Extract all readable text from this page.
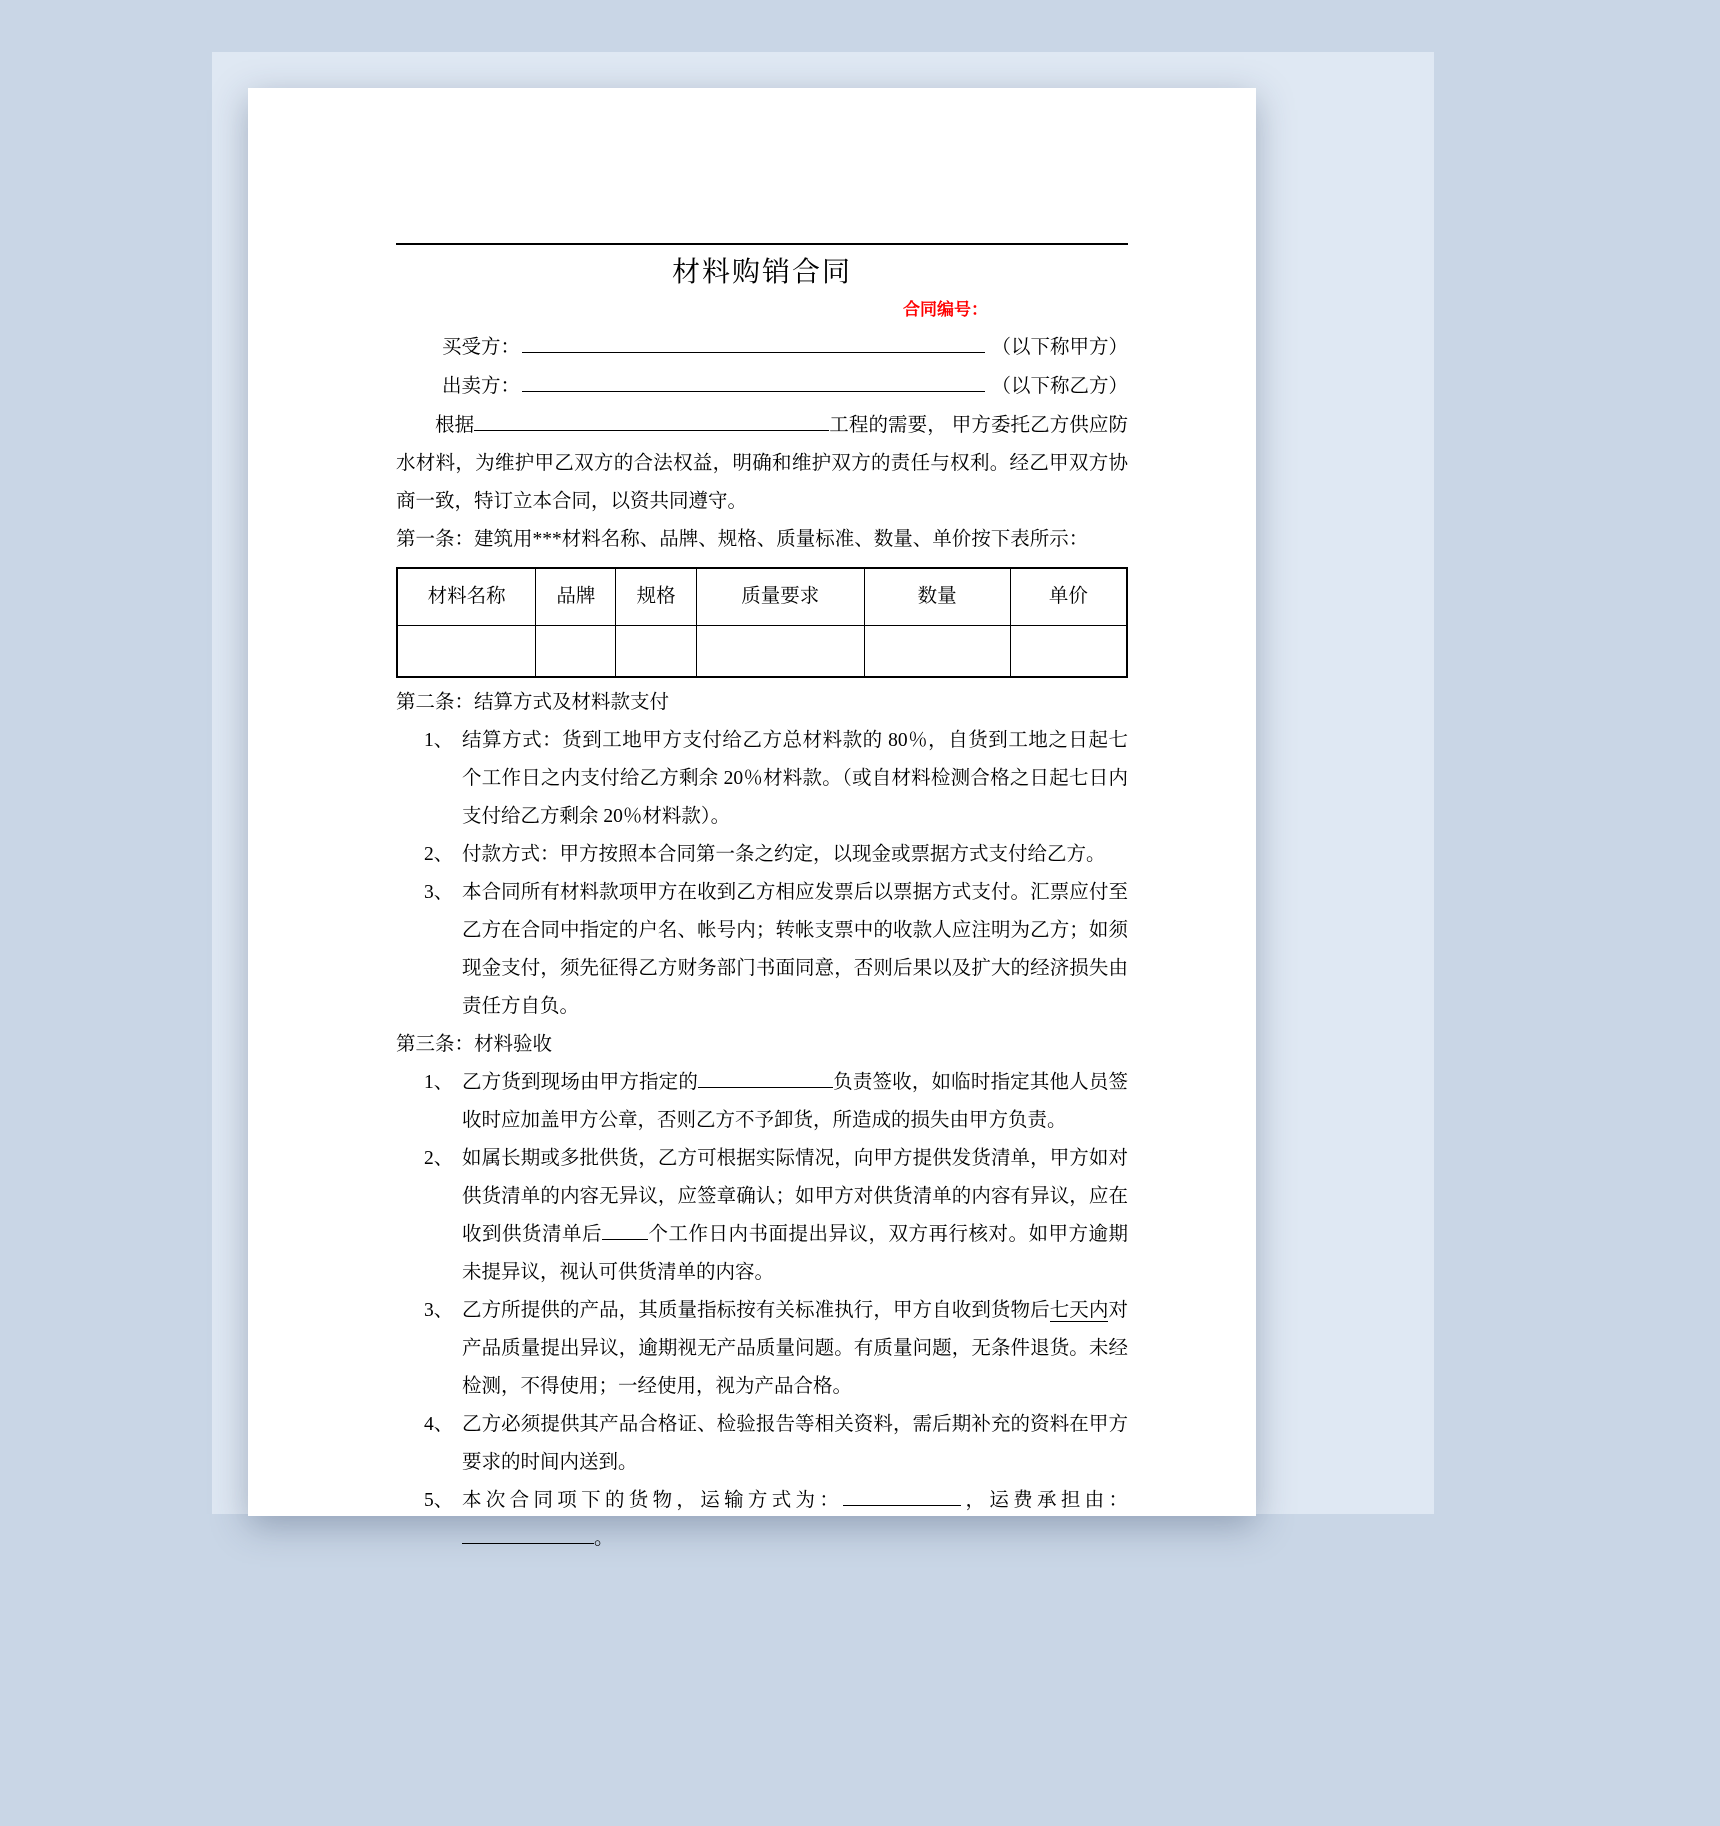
材料购销合同
合同编号：
买受方：	（以下称甲方）
出卖方：	（以下称乙方）

根据	工程的需要， 甲方委托乙方供应防水材料，为维护甲乙双方的合法权益，明确和维护双方的责任与权利。经乙甲双方协商一致，特订立本合同，以资共同遵守。

第一条：建筑用***材料名称、品牌、规格、质量标准、数量、单价按下表所示：

材料名称	品牌	规格	质量要求	数量	单价

第二条：结算方式及材料款支付

1、 结算方式：货到工地甲方支付给乙方总材料款的 80％，自货到工地之日起七个工作日之内支付给乙方剩余 20％材料款。（或自材料检测合格之日起七日内支付给乙方剩余 20％材料款）。
2、 付款方式：甲方按照本合同第一条之约定，以现金或票据方式支付给乙方。
3、 本合同所有材料款项甲方在收到乙方相应发票后以票据方式支付。汇票应付至乙方在合同中指定的户名、帐号内；转帐支票中的收款人应注明为乙方；如须现金支付，须先征得乙方财务部门书面同意，否则后果以及扩大的经济损失由责任方自负。

第三条：材料验收

1、 乙方货到现场由甲方指定的	负责签收，如临时指定其他人员签收时应加盖甲方公章，否则乙方不予卸货，所造成的损失由甲方负责。
2、 如属长期或多批供货，乙方可根据实际情况，向甲方提供发货清单，甲方如对供货清单的内容无异议，应签章确认；如甲方对供货清单的内容有异议，应在收到供货清单后 个工作日内书面提出异议，双方再行核对。如甲方逾期未提异议，视认可供货清单的内容。
3、 乙方所提供的产品，其质量指标按有关标准执行，甲方自收到货物后七天内对产品质量提出异议，逾期视无产品质量问题。有质量问题，无条件退货。未经检测，不得使用；一经使用，视为产品合格。
4、 乙方必须提供其产品合格证、检验报告等相关资料，需后期补充的资料在甲方要求的时间内送到。
5、 本次合同项下的货物，运输方式为：	，运费承担由：。
